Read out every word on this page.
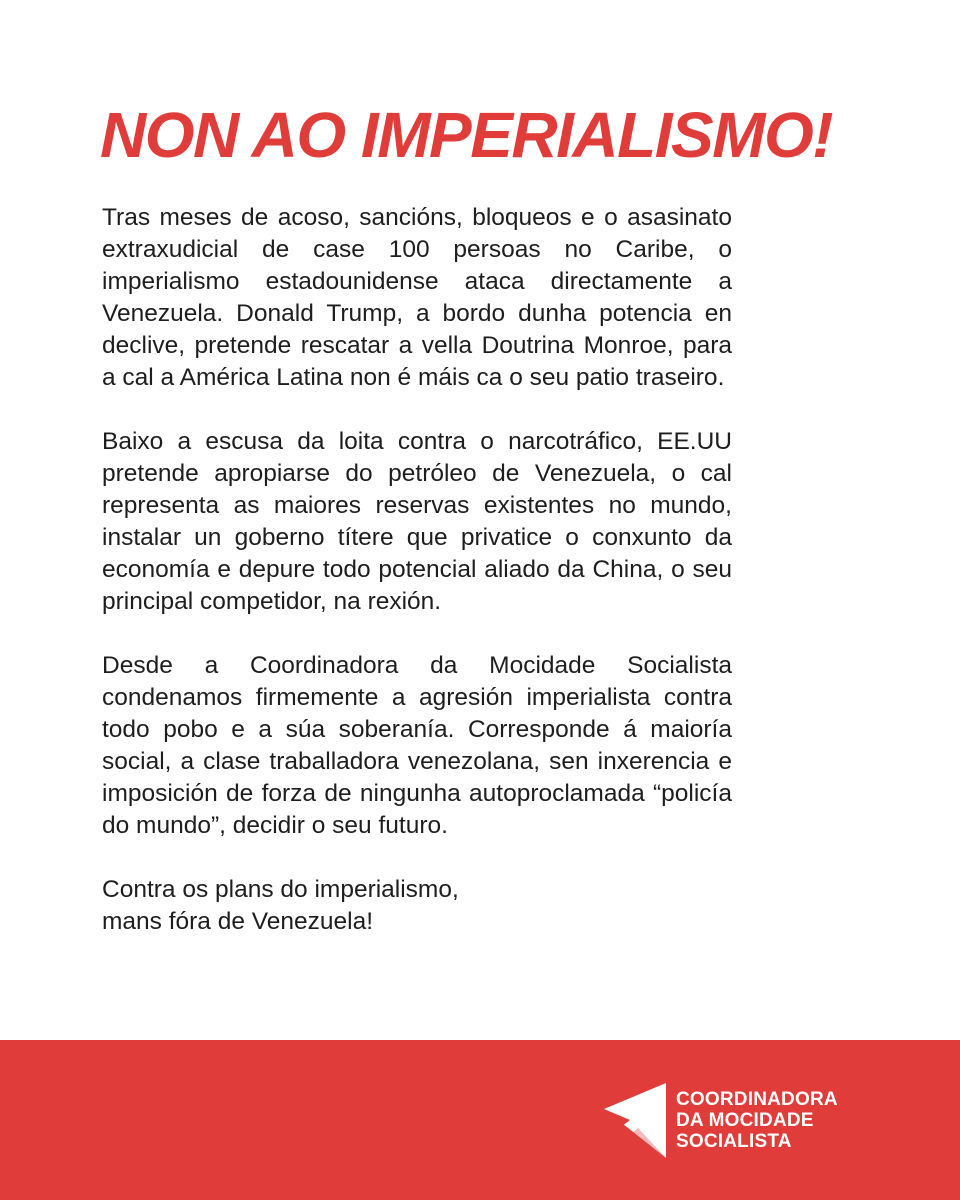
NON AO IMPERIALISMO!

Tras meses de acoso, sancións, bloqueos e o asasinato extraxudicial de case 100 persoas no Caribe, o imperialismo estadounidense ataca directamente a Venezuela. Donald Trump, a bordo dunha potencia en declive, pretende rescatar a vella Doutrina Monroe, para a cal a América Latina non é máis ca o seu patio traseiro.

Baixo a escusa da loita contra o narcotráfico, EE.UU pretende apropiarse do petróleo de Venezuela, o cal representa as maiores reservas existentes no mundo, instalar un goberno títere que privatice o conxunto da economía e depure todo potencial aliado da China, o seu principal competidor, na rexión.

Desde a Coordinadora da Mocidade Socialista condenamos firmemente a agresión imperialista contra todo pobo e a súa soberanía. Corresponde á maioría social, a clase traballadora venezolana, sen inxerencia e imposición de forza de ningunha autoproclamada “policía do mundo”, decidir o seu futuro.

Contra os plans do imperialismo,
mans fóra de Venezuela!

COORDINADORA
DA MOCIDADE
SOCIALISTA
